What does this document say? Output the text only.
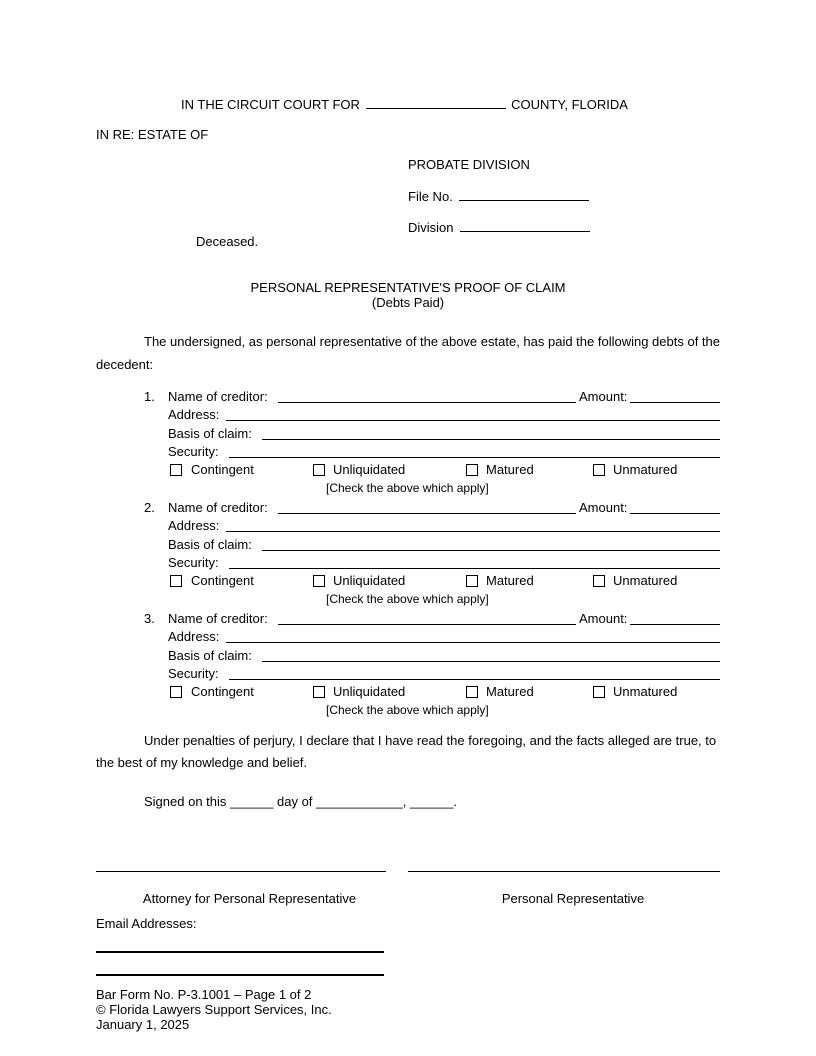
IN THE CIRCUIT COURT FOR	COUNTY, FLORIDA
IN RE: ESTATE OF
PROBATE DIVISION
File No.
Division
Deceased.
PERSONAL REPRESENTATIVE'S PROOF OF CLAIM
(Debts Paid)
The undersigned, as personal representative of the above estate, has paid the following debts of the
decedent:
1. Name of creditor:	Amount:
Address:
Basis of claim:
Security:
Contingent	Unliquidated	Matured	Unmatured
[Check the above which apply]
2. Name of creditor:	Amount:
Address:
Basis of claim:
Security:
Contingent	Unliquidated	Matured	Unmatured
[Check the above which apply]
3. Name of creditor:	Amount:
Address:
Basis of claim:
Security:
Contingent	Unliquidated	Matured	Unmatured
[Check the above which apply]
Under penalties of perjury, I declare that I have read the foregoing, and the facts alleged are true, to
the best of my knowledge and belief.
Signed on this ______ day of ____________, ______.
Attorney for Personal Representative	Personal Representative
Email Addresses:
Bar Form No. P-3.1001 – Page 1 of 2
© Florida Lawyers Support Services, Inc.
January 1, 2025
